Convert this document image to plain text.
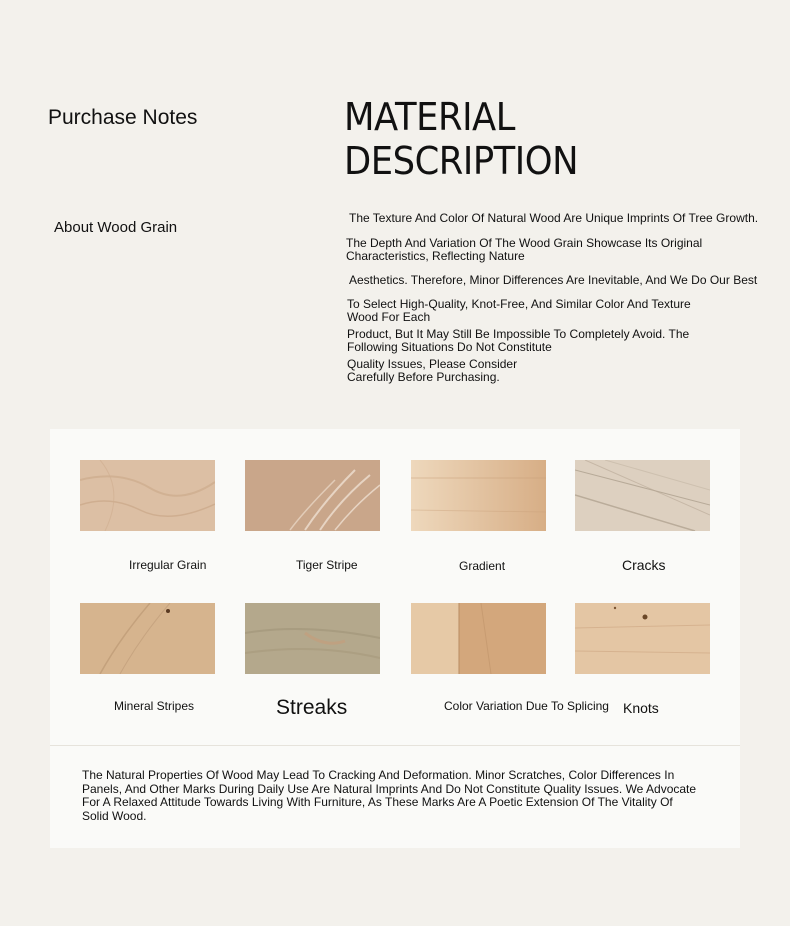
Purchase Notes	MATERIAL DESCRIPTION
About Wood Grain
The Texture And Color Of Natural Wood Are Unique Imprints Of Tree Growth.
The Depth And Variation Of The Wood Grain Showcase Its Original Characteristics, Reflecting Nature
Aesthetics. Therefore, Minor Differences Are Inevitable, And We Do Our Best
To Select High-Quality, Knot-Free, And Similar Color And Texture Wood For Each
Product, But It May Still Be Impossible To Completely Avoid. The Following Situations Do Not Constitute
Quality Issues, Please Consider Carefully Before Purchasing.
Irregular Grain	Tiger Stripe	Gradient	Cracks
Mineral Stripes	Streaks	Color Variation Due To Splicing Knots
The Natural Properties Of Wood May Lead To Cracking And Deformation. Minor Scratches, Color Differences In Panels, And Other Marks During Daily Use Are Natural Imprints And Do Not Constitute Quality Issues. We Advocate For A Relaxed Attitude Towards Living With Furniture, As These Marks Are A Poetic Extension Of The Vitality Of Solid Wood.
